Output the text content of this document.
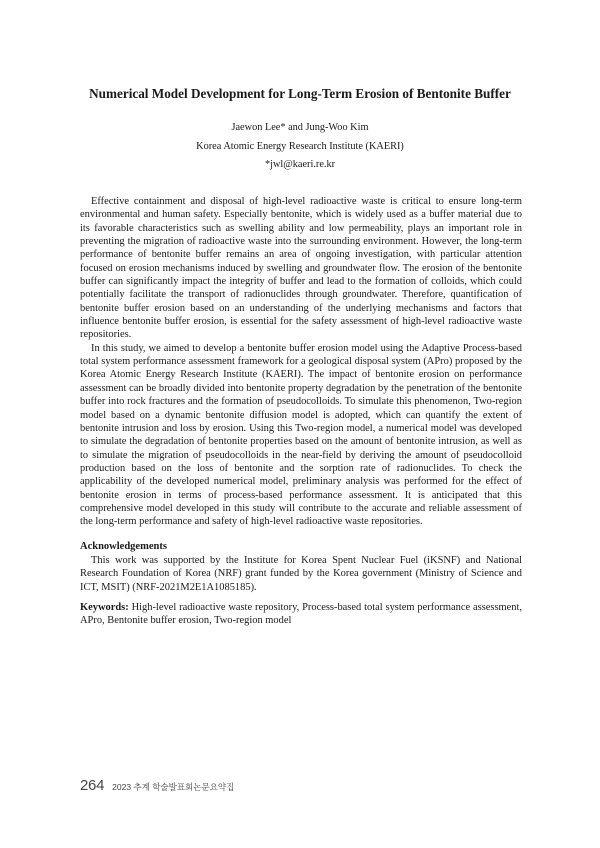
Numerical Model Development for Long-Term Erosion of Bentonite Buffer
Jaewon Lee* and Jung-Woo Kim
Korea Atomic Energy Research Institute (KAERI)
*jwl@kaeri.re.kr

Effective containment and disposal of high-level radioactive waste is critical to ensure long-term environmental and human safety. Especially bentonite, which is widely used as a buffer material due to its favorable characteristics such as swelling ability and low permeability, plays an important role in preventing the migration of radioactive waste into the surrounding environment. However, the long-term performance of bentonite buffer remains an area of ongoing investigation, with particular attention focused on erosion mechanisms induced by swelling and groundwater flow. The erosion of the bentonite buffer can significantly impact the integrity of buffer and lead to the formation of colloids, which could potentially facilitate the transport of radionuclides through groundwater. Therefore, quantification of bentonite buffer erosion based on an understanding of the underlying mechanisms and factors that influence bentonite buffer erosion, is essential for the safety assessment of high-level radioactive waste repositories.

In this study, we aimed to develop a bentonite buffer erosion model using the Adaptive Process-based total system performance assessment framework for a geological disposal system (APro) proposed by the Korea Atomic Energy Research Institute (KAERI). The impact of bentonite erosion on performance assessment can be broadly divided into bentonite property degradation by the penetration of the bentonite buffer into rock fractures and the formation of pseudocolloids. To simulate this phenomenon, Two-region model based on a dynamic bentonite diffusion model is adopted, which can quantify the extent of bentonite intrusion and loss by erosion. Using this Two-region model, a numerical model was developed to simulate the degradation of bentonite properties based on the amount of bentonite intrusion, as well as to simulate the migration of pseudocolloids in the near-field by deriving the amount of pseudocolloid production based on the loss of bentonite and the sorption rate of radionuclides. To check the applicability of the developed numerical model, preliminary analysis was performed for the effect of bentonite erosion in terms of process-based performance assessment. It is anticipated that this comprehensive model developed in this study will contribute to the accurate and reliable assessment of the long-term performance and safety of high-level radioactive waste repositories.

Acknowledgements

This work was supported by the Institute for Korea Spent Nuclear Fuel (iKSNF) and National Research Foundation of Korea (NRF) grant funded by the Korea government (Ministry of Science and ICT, MSIT) (NRF-2021M2E1A1085185).

Keywords: High-level radioactive waste repository, Process-based total system performance assessment, APro, Bentonite buffer erosion, Two-region model

264 2023 추계 학술발표회논문요약집
